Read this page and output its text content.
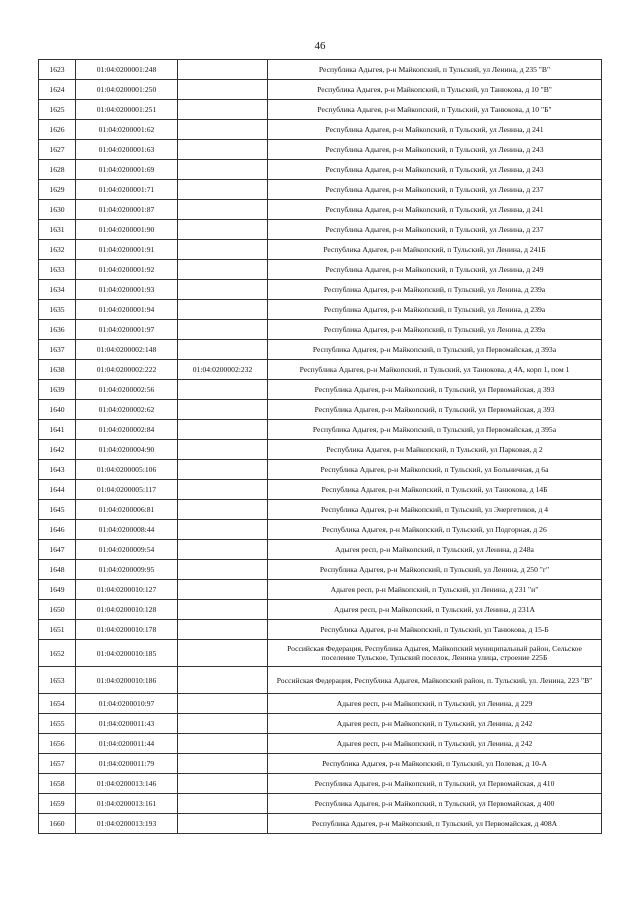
46
1623	01:04:0200001:248		Республика Адыгея, р-н Майкопский, п Тульский, ул Ленина, д 235 "В"
1624	01:04:0200001:250		Республика Адыгея, р-н Майкопский, п Тульский, ул Танюкова, д 10 "В"
1625	01:04:0200001:251		Республика Адыгея, р-н Майкопский, п Тульский, ул Танюкова, д 10 "Б"
1626	01:04:0200001:62		Республика Адыгея, р-н Майкопский, п Тульский, ул Ленина, д 241
1627	01:04:0200001:63		Республика Адыгея, р-н Майкопский, п Тульский, ул Ленина, д 243
1628	01:04:0200001:69		Республика Адыгея, р-н Майкопский, п Тульский, ул Ленина, д 243
1629	01:04:0200001:71		Республика Адыгея, р-н Майкопский, п Тульский, ул Ленина, д 237
1630	01:04:0200001:87		Республика Адыгея, р-н Майкопский, п Тульский, ул Ленина, д 241
1631	01:04:0200001:90		Республика Адыгея, р-н Майкопский, п Тульский, ул Ленина, д 237
1632	01:04:0200001:91		Республика Адыгея, р-н Майкопский, п Тульский, ул Ленина, д 241Б
1633	01:04:0200001:92		Республика Адыгея, р-н Майкопский, п Тульский, ул Ленина, д 249
1634	01:04:0200001:93		Республика Адыгея, р-н Майкопский, п Тульский, ул Ленина, д 239а
1635	01:04:0200001:94		Республика Адыгея, р-н Майкопский, п Тульский, ул Ленина, д 239а
1636	01:04:0200001:97		Республика Адыгея, р-н Майкопский, п Тульский, ул Ленина, д 239а
1637	01:04:0200002:148		Республика Адыгея, р-н Майкопский, п Тульский, ул Первомайская, д 393а
1638	01:04:0200002:222	01:04:0200002:232	Республика Адыгея, р-н Майкопский, п Тульский, ул Танюкова, д 4А, корп 1, пом 1
1639	01:04:0200002:56		Республика Адыгея, р-н Майкопский, п Тульский, ул Первомайская, д 393
1640	01:04:0200002:62		Республика Адыгея, р-н Майкопский, п Тульский, ул Первомайская, д 393
1641	01:04:0200002:84		Республика Адыгея, р-н Майкопский, п Тульский, ул Первомайская, д 395а
1642	01:04:0200004:90		Республика Адыгея, р-н Майкопский, п Тульский, ул Парковая, д 2
1643	01:04:0200005:106		Республика Адыгея, р-н Майкопский, п Тульский, ул Больничная, д 6а
1644	01:04:0200005:117		Республика Адыгея, р-н Майкопский, п Тульский, ул Танюкова, д 14Б
1645	01:04:0200006:81		Республика Адыгея, р-н Майкопский, п Тульский, ул Энергетиков, д 4
1646	01:04:0200008:44		Республика Адыгея, р-н Майкопский, п Тульский, ул Подгорная, д 26
1647	01:04:0200009:54		Адыгея респ, р-н Майкопский, п Тульский, ул Ленина, д 248а
1648	01:04:0200009:95		Республика Адыгея, р-н Майкопский, п Тульский, ул Ленина, д 250 "г"
1649	01:04:0200010:127		Адыгея респ, р-н Майкопский, п Тульский, ул Ленина, д 231 "и"
1650	01:04:0200010:128		Адыгея респ, р-н Майкопский, п Тульский, ул Ленина, д 231А
1651	01:04:0200010:178		Республика Адыгея, р-н Майкопский, п Тульский, ул Танюкова, д 15-Б
1652	01:04:0200010:185		Российская Федерация, Республика Адыгея, Майкопский муниципальный район, Сельское поселение Тульское, Тульский поселок, Ленина улица, строение 225Б
1653	01:04:0200010:186		Российская Федерация, Республика Адыгея, Майкопский район, п. Тульский, ул. Ленина, 223 "В"
1654	01:04:0200010:97		Адыгея респ, р-н Майкопский, п Тульский, ул Ленина, д 229
1655	01:04:0200011:43		Адыгея респ, р-н Майкопский, п Тульский, ул Ленина, д 242
1656	01:04:0200011:44		Адыгея респ, р-н Майкопский, п Тульский, ул Ленина, д 242
1657	01:04:0200011:79		Республика Адыгея, р-н Майкопский, п Тульский, ул Полевая, д 10-А
1658	01:04:0200013:146		Республика Адыгея, р-н Майкопский, п Тульский, ул Первомайская, д 410
1659	01:04:0200013:161		Республика Адыгея, р-н Майкопский, п Тульский, ул Первомайская, д 400
1660	01:04:0200013:193		Республика Адыгея, р-н Майкопский, п Тульский, ул Первомайская, д 408А
